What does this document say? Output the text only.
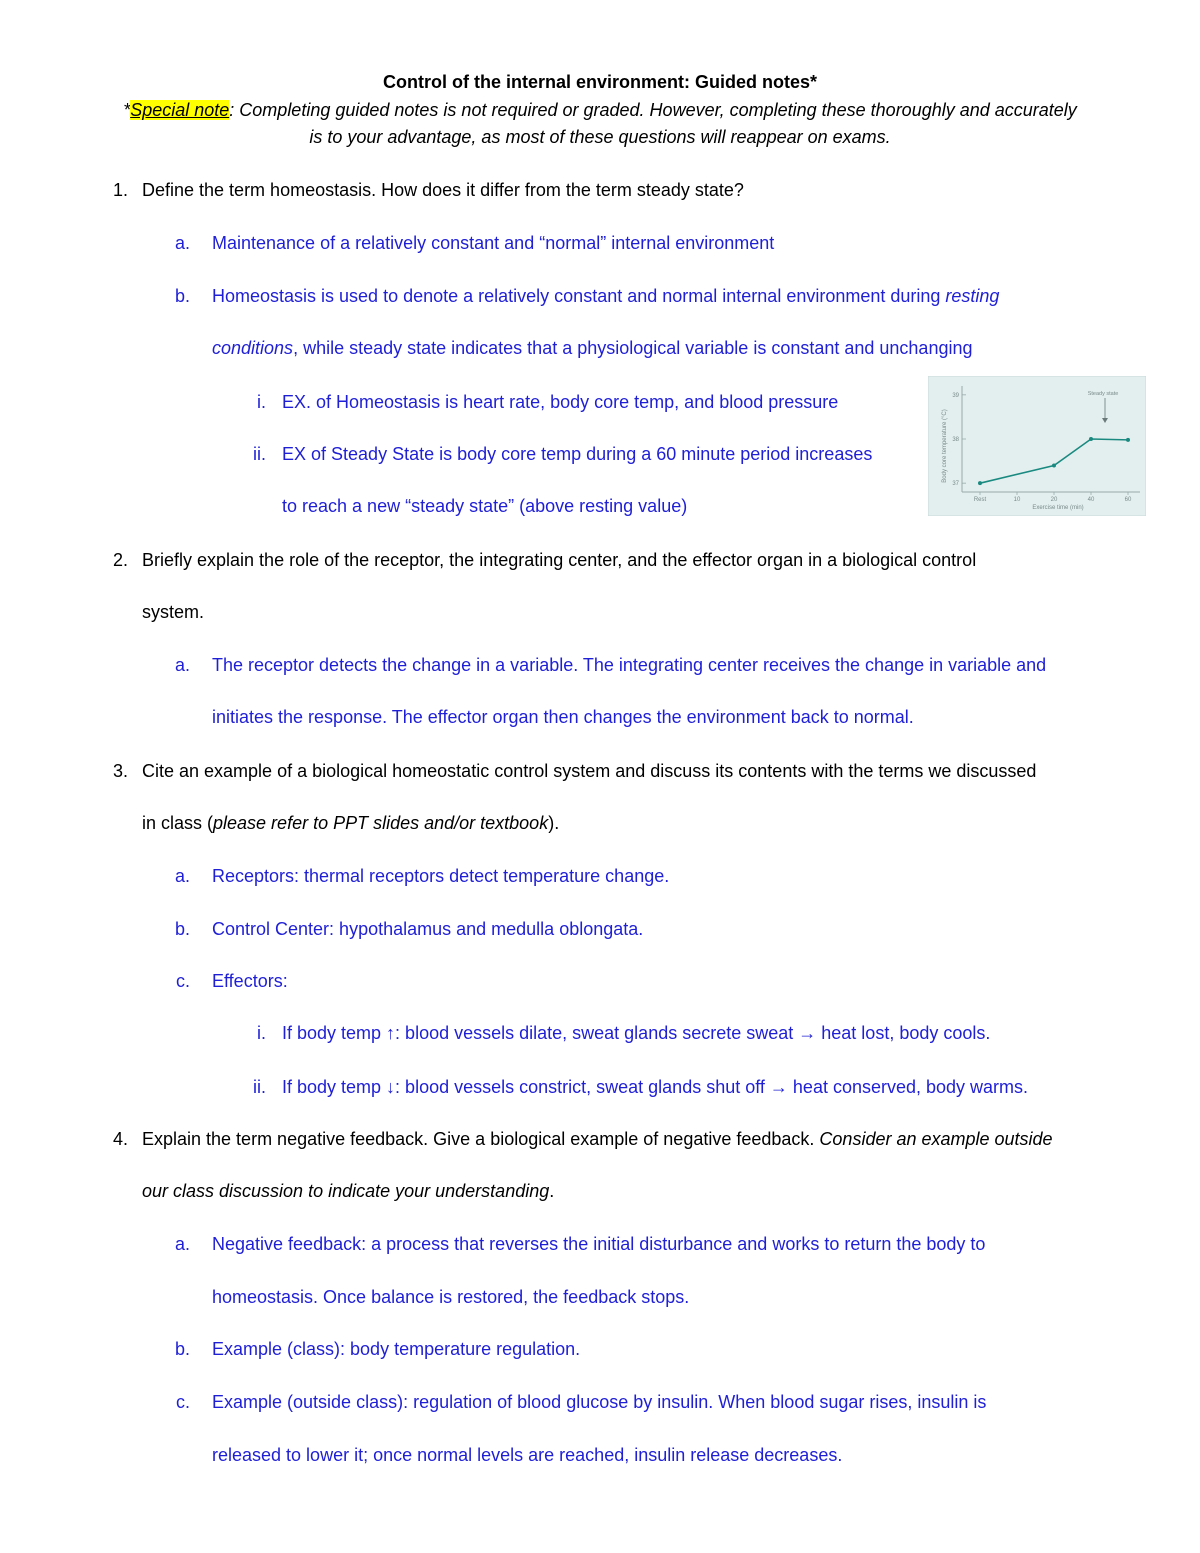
Control of the internal environment: Guided notes*
*Special note: Completing guided notes is not required or graded. However, completing these thoroughly and accurately
is to your advantage, as most of these questions will reappear on exams.
1. Define the term homeostasis. How does it differ from the term steady state?
a. Maintenance of a relatively constant and “normal” internal environment
b. Homeostasis is used to denote a relatively constant and normal internal environment during resting
conditions, while steady state indicates that a physiological variable is constant and unchanging
i. EX. of Homeostasis is heart rate, body core temp, and blood pressure
ii. EX of Steady State is body core temp during a 60 minute period increases
to reach a new “steady state” (above resting value)
Body core temperature (°C)
Exercise time (min)
Steady state
39
38
37
Rest	10	20	40	60
2. Briefly explain the role of the receptor, the integrating center, and the effector organ in a biological control
system.
a. The receptor detects the change in a variable. The integrating center receives the change in variable and
initiates the response. The effector organ then changes the environment back to normal.
3. Cite an example of a biological homeostatic control system and discuss its contents with the terms we discussed
in class (please refer to PPT slides and/or textbook).
a. Receptors: thermal receptors detect temperature change.
b. Control Center: hypothalamus and medulla oblongata.
c. Effectors:
i. If body temp ↑: blood vessels dilate, sweat glands secrete sweat → heat lost, body cools.
ii. If body temp ↓: blood vessels constrict, sweat glands shut off → heat conserved, body warms.
4. Explain the term negative feedback. Give a biological example of negative feedback. Consider an example outside
our class discussion to indicate your understanding.
a. Negative feedback: a process that reverses the initial disturbance and works to return the body to
homeostasis. Once balance is restored, the feedback stops.
b. Example (class): body temperature regulation.
c. Example (outside class): regulation of blood glucose by insulin. When blood sugar rises, insulin is
released to lower it; once normal levels are reached, insulin release decreases.
